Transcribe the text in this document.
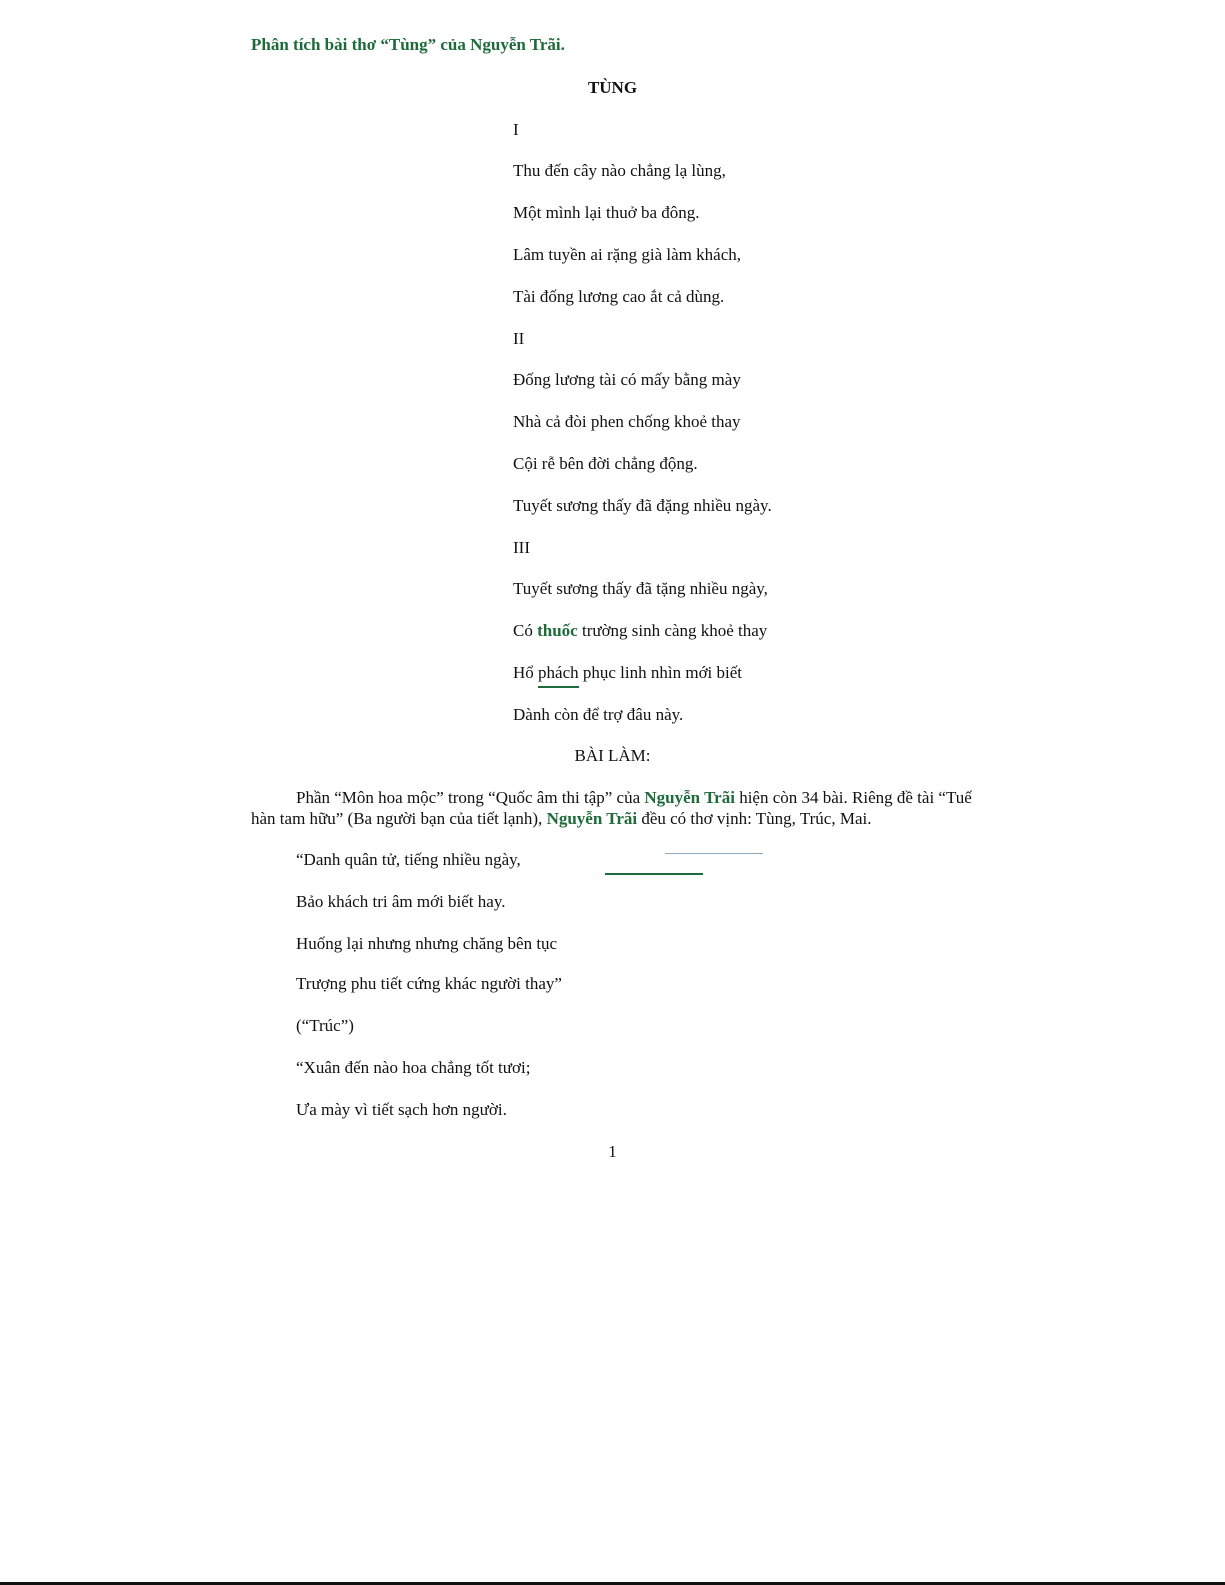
Phân tích bài thơ “Tùng” của Nguyễn Trãi.
TÙNG
I
Thu đến cây nào chẳng lạ lùng,
Một mình lại thuở ba đông.
Lâm tuyền ai rặng già làm khách,
Tài đống lương cao ắt cả dùng.
II
Đống lương tài có mấy bằng mày
Nhà cả đòi phen chống khoẻ thay
Cội rễ bên đời chẳng động.
Tuyết sương thấy đã đặng nhiều ngày.
III
Tuyết sương thấy đã tặng nhiều ngày,
Có thuốc trường sinh càng khoẻ thay
Hổ phách phục linh nhìn mới biết
Dành còn để trợ đâu này.
BÀI LÀM:
Phần “Môn hoa mộc” trong “Quốc âm thi tập” của Nguyễn Trãi hiện còn 34 bài. Riêng đề tài “Tuế hàn tam hữu” (Ba người bạn của tiết lạnh), Nguyễn Trãi đều có thơ vịnh: Tùng, Trúc, Mai.
“Danh quân tử, tiếng nhiều ngày,
Bảo khách tri âm mới biết hay.
Huống lại nhưng nhưng chăng bên tục
Trượng phu tiết cứng khác người thay”
(“Trúc”)
“Xuân đến nào hoa chẳng tốt tươi;
Ưa mày vì tiết sạch hơn người.
1
